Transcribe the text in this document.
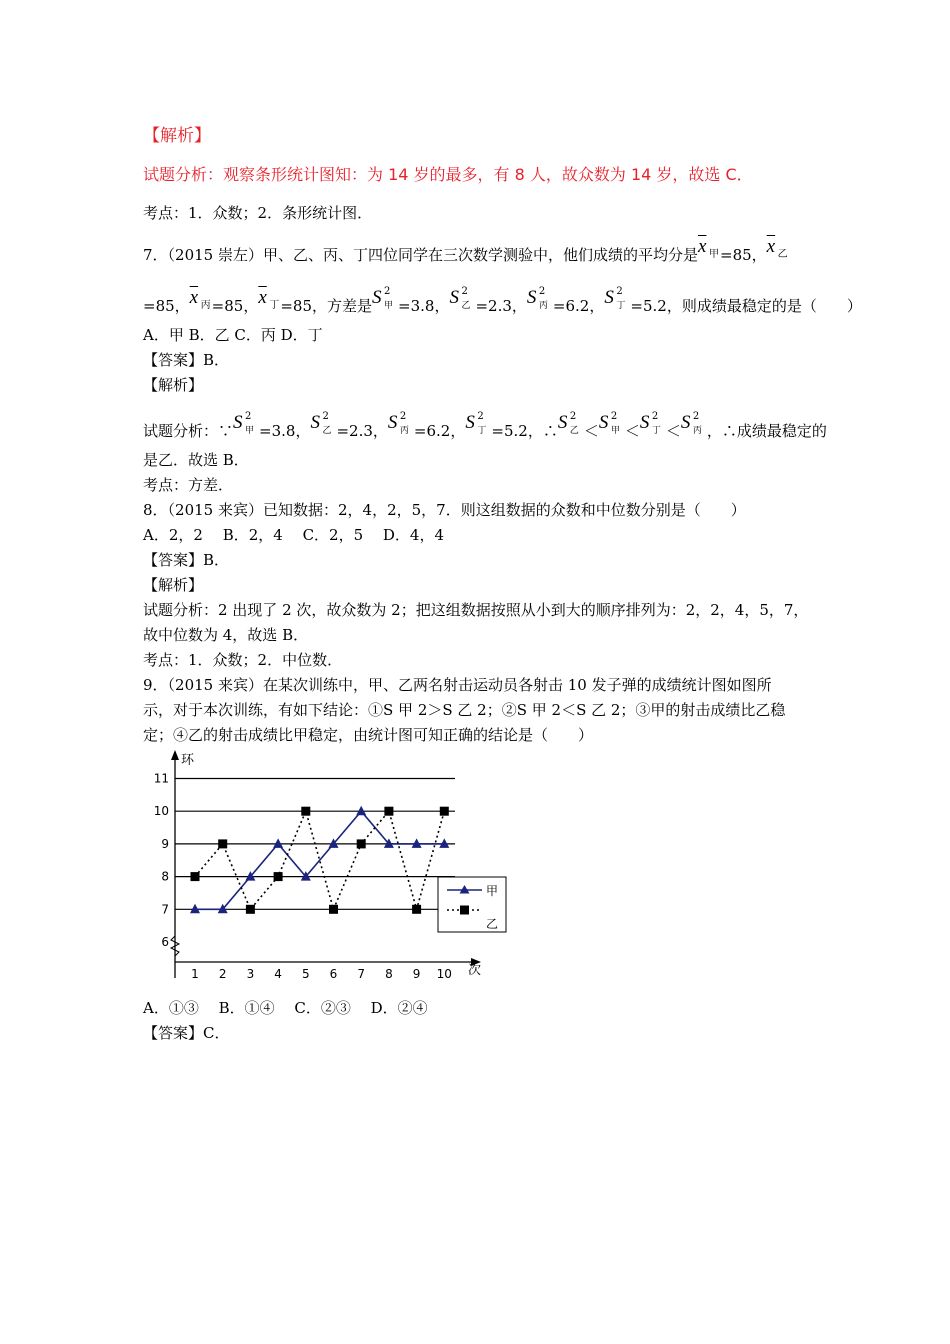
【解析】
试题分析：观察条形统计图知：为 14 岁的最多，有 8 人，故众数为 14 岁，故选 C．
考点：1．众数；2．条形统计图．
7．（2015 崇左）甲、乙、丙、丁四位同学在三次数学测验中，他们成绩的平均分是$\overline{x}$ 甲 =85，$\overline{x}$ 乙
=85，$\overline{x}$ 丙 =85，$\overline{x}$ 丁 =85，方差是S 2
甲 =3.8，S 2
乙 =2.3，S 2
丙 =6.2，S 2
丁 =5.2，则成绩最稳定的是（　　）
A．甲 B．乙 C．丙 D．丁
【答案】B．
【解析】
试题分析：∵S 2
甲 =3.8，S 2
乙 =2.3，S 2
丙 =6.2，S 2
丁 =5.2，∴S 2
乙 ＜S 2
甲 ＜S 2
丁 ＜S 2
丙 ，∴成绩最稳定的
是乙．故选 B．
考点：方差．
8．（2015 来宾）已知数据：2，4，2，5，7．则这组数据的众数和中位数分别是（　　）
A．2，2　 B．2，4　 C．2，5　 D．4，4
【答案】B．
【解析】
试题分析：2 出现了 2 次，故众数为 2；把这组数据按照从小到大的顺序排列为：2，2，4，5，7，
故中位数为 4，故选 B．
考点：1．众数；2．中位数．
9．（2015 来宾）在某次训练中，甲、乙两名射击运动员各射击 10 发子弹的成绩统计图如图所
示，对于本次训练，有如下结论：①S 甲 2＞S 乙 2；②S 甲 2＜S 乙 2；③甲的射击成绩比乙稳
定；④乙的射击成绩比甲稳定，由统计图可知正确的结论是（　　）
环
次
6
7
8
9
10
11
1 2 3 4 5 6 7 8 9 10
甲
乙
A．①③　 B．①④　 C．②③　 D．②④
【答案】C．
